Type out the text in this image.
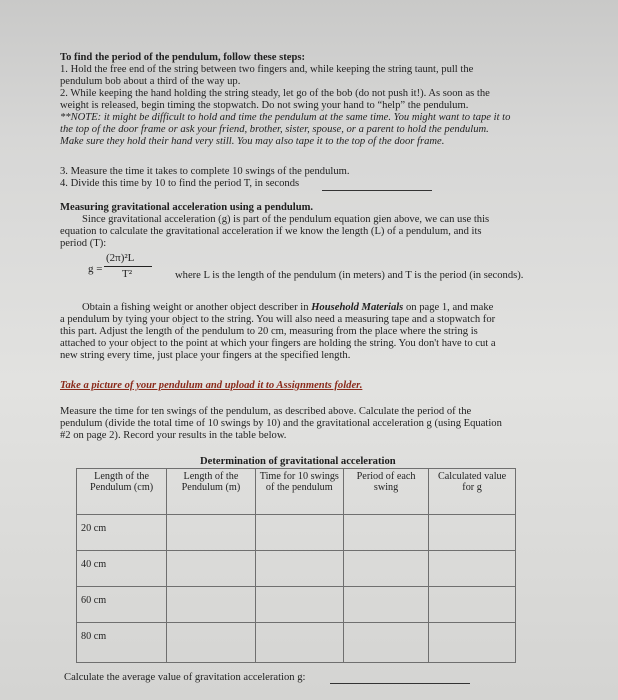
To find the period of the pendulum, follow these steps:
1. Hold the free end of the string between two fingers and, while keeping the string taunt, pull the
pendulum bob about a third of the way up.
2. While keeping the hand holding the string steady, let go of the bob (do not push it!). As soon as the
weight is released, begin timing the stopwatch. Do not swing your hand to “help” the pendulum.
**NOTE: it might be difficult to hold and time the pendulum at the same time. You might want to tape it to
the top of the door frame or ask your friend, brother, sister, spouse, or a parent to hold the pendulum.
Make sure they hold their hand very still. You may also tape it to the top of the door frame.
3. Measure the time it takes to complete 10 swings of the pendulum.
4. Divide this time by 10 to find the period T, in seconds
Measuring gravitational acceleration using a pendulum.
Since gravitational acceleration (g) is part of the pendulum equation gien above, we can use this
equation to calculate the gravitational acceleration if we know the length (L) of a pendulum, and its
period (T):
g =
(2π)²L
T²	where L is the length of the pendulum (in meters) and T is the period (in seconds).
Obtain a fishing weight or another object describer in Household Materials on page 1, and make
a pendulum by tying your object to the string. You will also need a measuring tape and a stopwatch for
this part. Adjust the length of the pendulum to 20 cm, measuring from the place where the string is
attached to your object to the point at which your fingers are holding the string. You don't have to cut a
new string every time, just place your fingers at the specified length.
Take a picture of your pendulum and upload it to Assignments folder.
Measure the time for ten swings of the pendulum, as described above. Calculate the period of the
pendulum (divide the total time of 10 swings by 10) and the gravitational acceleration g (using Equation
#2 on page 2). Record your results in the table below.
Determination of gravitational acceleration
Length of the Pendulum (cm)	Length of the Pendulum (m)	Time for 10 swings of the pendulum	Period of each swing	Calculated value for g
20 cm				
40 cm				
60 cm				
80 cm				
Calculate the average value of gravitation acceleration g:
